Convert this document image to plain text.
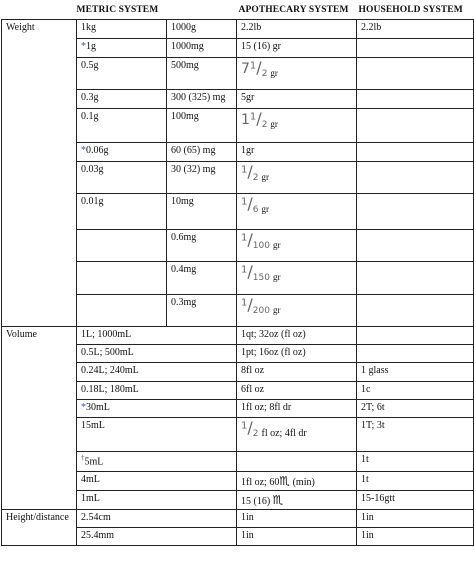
	METRIC SYSTEM		APOTHECARY SYSTEM	HOUSEHOLD SYSTEM
Weight	1kg	1000g	2.2lb	2.2lb
	*1g	1000mg	15 (16) gr	
	0.5g	500mg	71/2 gr	
	0.3g	300 (325) mg	5gr	
	0.1g	100mg	11/2 gr	
	*0.06g	60 (65) mg	1gr	
	0.03g	30 (32) mg	1/2 gr	
	0.01g	10mg	1/6 gr	
		0.6mg	1/100 gr	
		0.4mg	1/150 gr	
		0.3mg	1/200 gr	
Volume	1L; 1000mL		1qt; 32oz (fl oz)	
	0.5L; 500mL		1pt; 16oz (fl oz)	
	0.24L; 240mL		8fl oz	1 glass
	0.18L; 180mL		6fl oz	1c
	*30mL		1fl oz; 8fl dr	2T; 6t
	15mL		1/2 fl oz; 4fl dr	1T; 3t
	†5mL			1t
	4mL		1fl oz; 60♏ (min)	1t
	1mL		15 (16) ♏	15-16gtt
Height/distance	2.54cm		1in	1in
	25.4mm		1in	1in
